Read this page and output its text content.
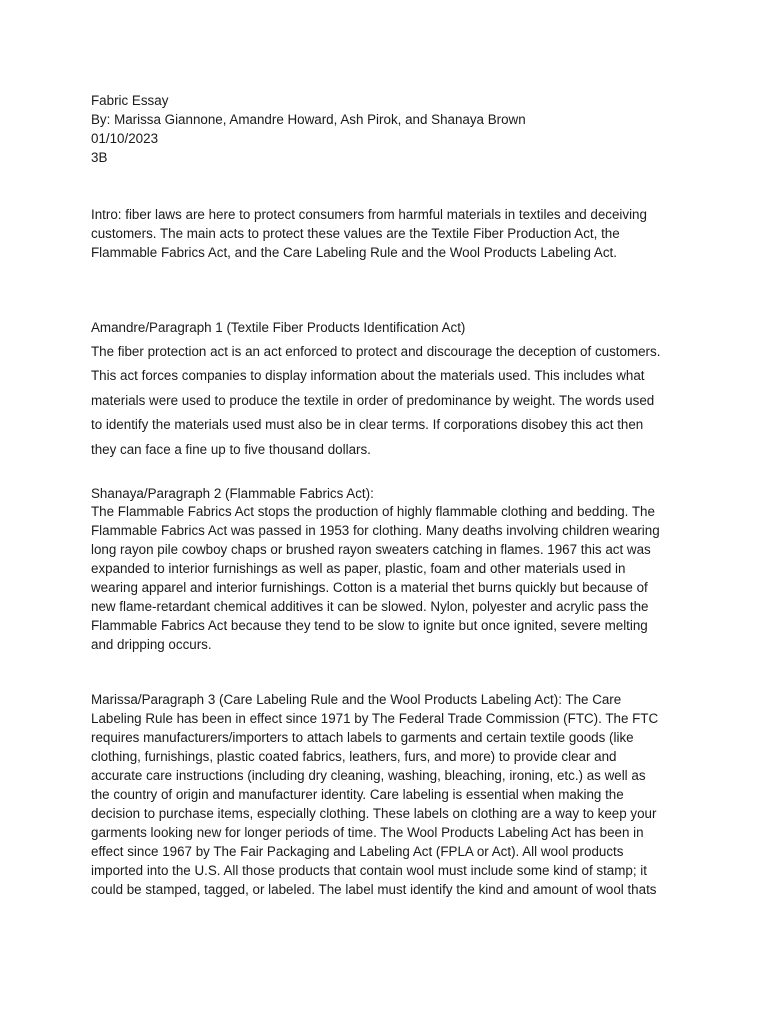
Fabric Essay
By: Marissa Giannone, Amandre Howard, Ash Pirok, and Shanaya Brown
01/10/2023
3B
Intro: fiber laws are here to protect consumers from harmful materials in textiles and deceiving
customers. The main acts to protect these values are the Textile Fiber Production Act, the
Flammable Fabrics Act, and the Care Labeling Rule and the Wool Products Labeling Act.
Amandre/Paragraph 1 (Textile Fiber Products Identification Act)
The fiber protection act is an act enforced to protect and discourage the deception of customers.
This act forces companies to display information about the materials used. This includes what
materials were used to produce the textile in order of predominance by weight. The words used
to identify the materials used must also be in clear terms. If corporations disobey this act then
they can face a fine up to five thousand dollars.
Shanaya/Paragraph 2 (Flammable Fabrics Act):
The Flammable Fabrics Act stops the production of highly flammable clothing and bedding. The
Flammable Fabrics Act was passed in 1953 for clothing. Many deaths involving children wearing
long rayon pile cowboy chaps or brushed rayon sweaters catching in flames. 1967 this act was
expanded to interior furnishings as well as paper, plastic, foam and other materials used in
wearing apparel and interior furnishings. Cotton is a material thet burns quickly but because of
new flame-retardant chemical additives it can be slowed. Nylon, polyester and acrylic pass the
Flammable Fabrics Act because they tend to be slow to ignite but once ignited, severe melting
and dripping occurs.
Marissa/Paragraph 3 (Care Labeling Rule and the Wool Products Labeling Act): The Care
Labeling Rule has been in effect since 1971 by The Federal Trade Commission (FTC). The FTC
requires manufacturers/importers to attach labels to garments and certain textile goods (like
clothing, furnishings, plastic coated fabrics, leathers, furs, and more) to provide clear and
accurate care instructions (including dry cleaning, washing, bleaching, ironing, etc.) as well as
the country of origin and manufacturer identity. Care labeling is essential when making the
decision to purchase items, especially clothing. These labels on clothing are a way to keep your
garments looking new for longer periods of time. The Wool Products Labeling Act has been in
effect since 1967 by The Fair Packaging and Labeling Act (FPLA or Act). All wool products
imported into the U.S. All those products that contain wool must include some kind of stamp; it
could be stamped, tagged, or labeled. The label must identify the kind and amount of wool thats
